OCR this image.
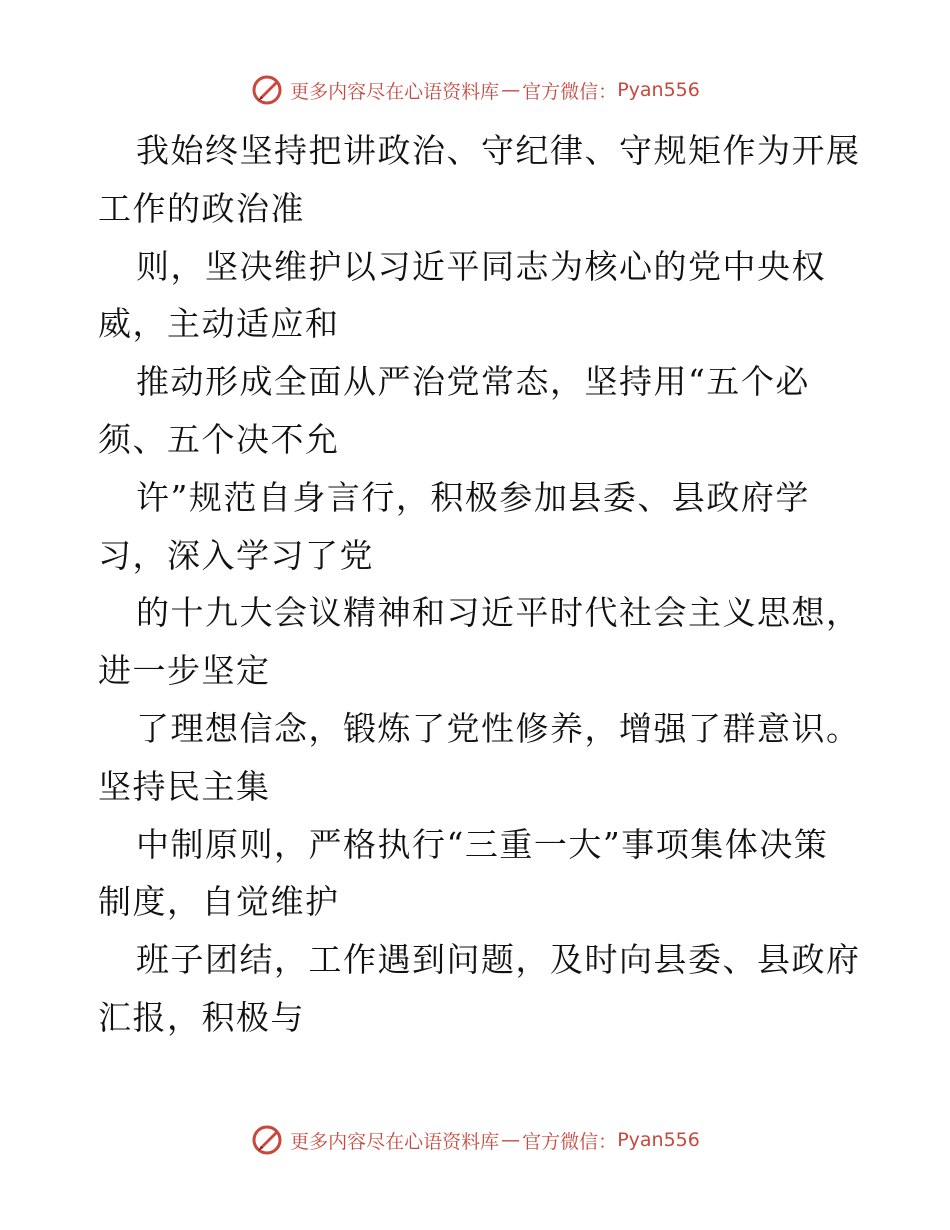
更多内容尽在心语资料库 — 官方微信： Pyan556
我始终坚持把讲政治、守纪律、守规矩作为开展
工作的政治准
则，坚决维护以习近平同志为核心的党中央权
威，主动适应和
推动形成全面从严治党常态，坚持用“五个必
须、五个决不允
许”规范自身言行，积极参加县委、县政府学
习，深入学习了党
的十九大会议精神和习近平时代社会主义思想，
进一步坚定
了理想信念，锻炼了党性修养，增强了群意识。
坚持民主集
中制原则，严格执行“三重一大”事项集体决策
制度，自觉维护
班子团结，工作遇到问题，及时向县委、县政府
汇报，积极与
更多内容尽在心语资料库 — 官方微信： Pyan556
